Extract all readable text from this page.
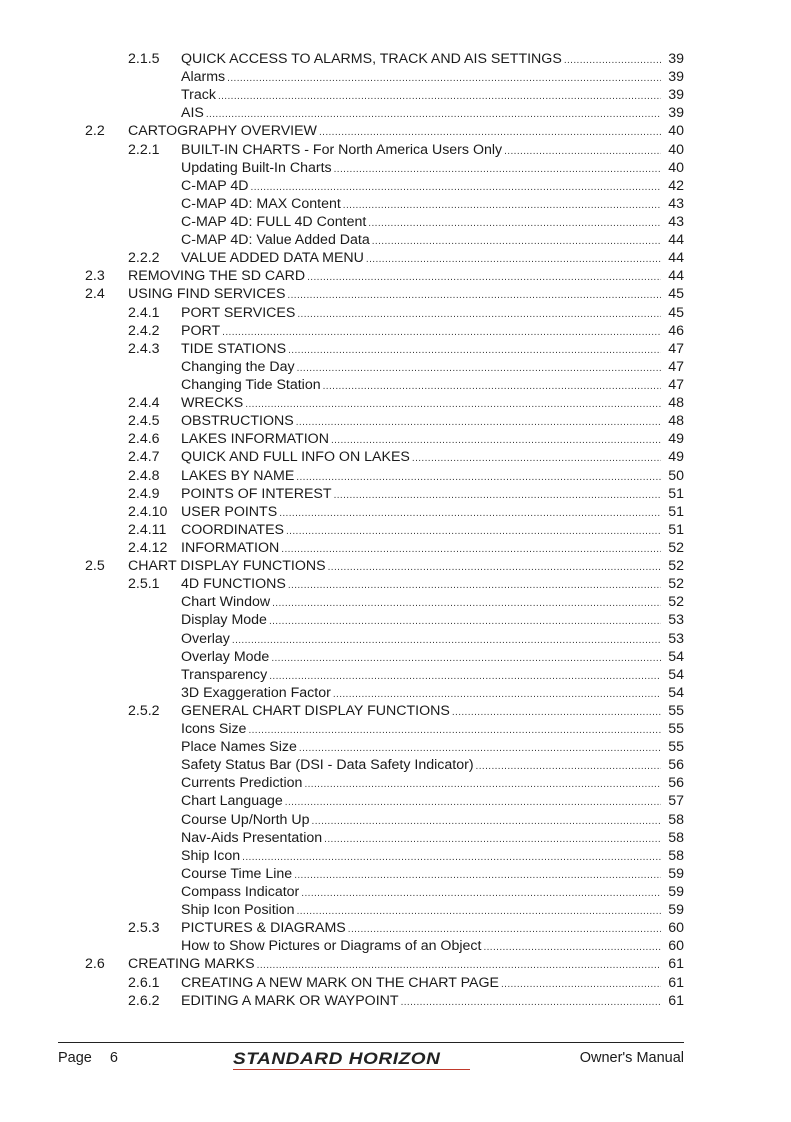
2.1.5 QUICK ACCESS TO ALARMS, TRACK AND AIS SETTINGS .....	39
Alarms .....	39
Track .....	39
AIS .....	39
2.2 CARTOGRAPHY OVERVIEW .....	40
2.2.1 BUILT-IN CHARTS - For North America Users Only .....	40
Updating Built-In Charts .....	40
C-MAP 4D .....	42
C-MAP 4D: MAX Content .....	43
C-MAP 4D: FULL 4D Content .....	43
C-MAP 4D: Value Added Data .....	44
2.2.2 VALUE ADDED DATA MENU .....	44
2.3 REMOVING THE SD CARD .....	44
2.4 USING FIND SERVICES .....	45
2.4.1 PORT SERVICES .....	45
2.4.2 PORT .....	46
2.4.3 TIDE STATIONS .....	47
Changing the Day .....	47
Changing Tide Station .....	47
2.4.4 WRECKS .....	48
2.4.5 OBSTRUCTIONS .....	48
2.4.6 LAKES INFORMATION .....	49
2.4.7 QUICK AND FULL INFO ON LAKES .....	49
2.4.8 LAKES BY NAME .....	50
2.4.9 POINTS OF INTEREST .....	51
2.4.10 USER POINTS .....	51
2.4.11 COORDINATES .....	51
2.4.12 INFORMATION .....	52
2.5 CHART DISPLAY FUNCTIONS .....	52
2.5.1 4D FUNCTIONS .....	52
Chart Window .....	52
Display Mode .....	53
Overlay .....	53
Overlay Mode .....	54
Transparency .....	54
3D Exaggeration Factor .....	54
2.5.2 GENERAL CHART DISPLAY FUNCTIONS .....	55
Icons Size .....	55
Place Names Size .....	55
Safety Status Bar (DSI - Data Safety Indicator) .....	56
Currents Prediction .....	56
Chart Language .....	57
Course Up/North Up .....	58
Nav-Aids Presentation .....	58
Ship Icon .....	58
Course Time Line .....	59
Compass Indicator .....	59
Ship Icon Position .....	59
2.5.3 PICTURES & DIAGRAMS .....	60
How to Show Pictures or Diagrams of an Object .....	60
2.6 CREATING MARKS .....	61
2.6.1 CREATING A NEW MARK ON THE CHART PAGE .....	61
2.6.2 EDITING A MARK OR WAYPOINT .....	61
Page 6	STANDARD HORIZON	Owner's Manual
